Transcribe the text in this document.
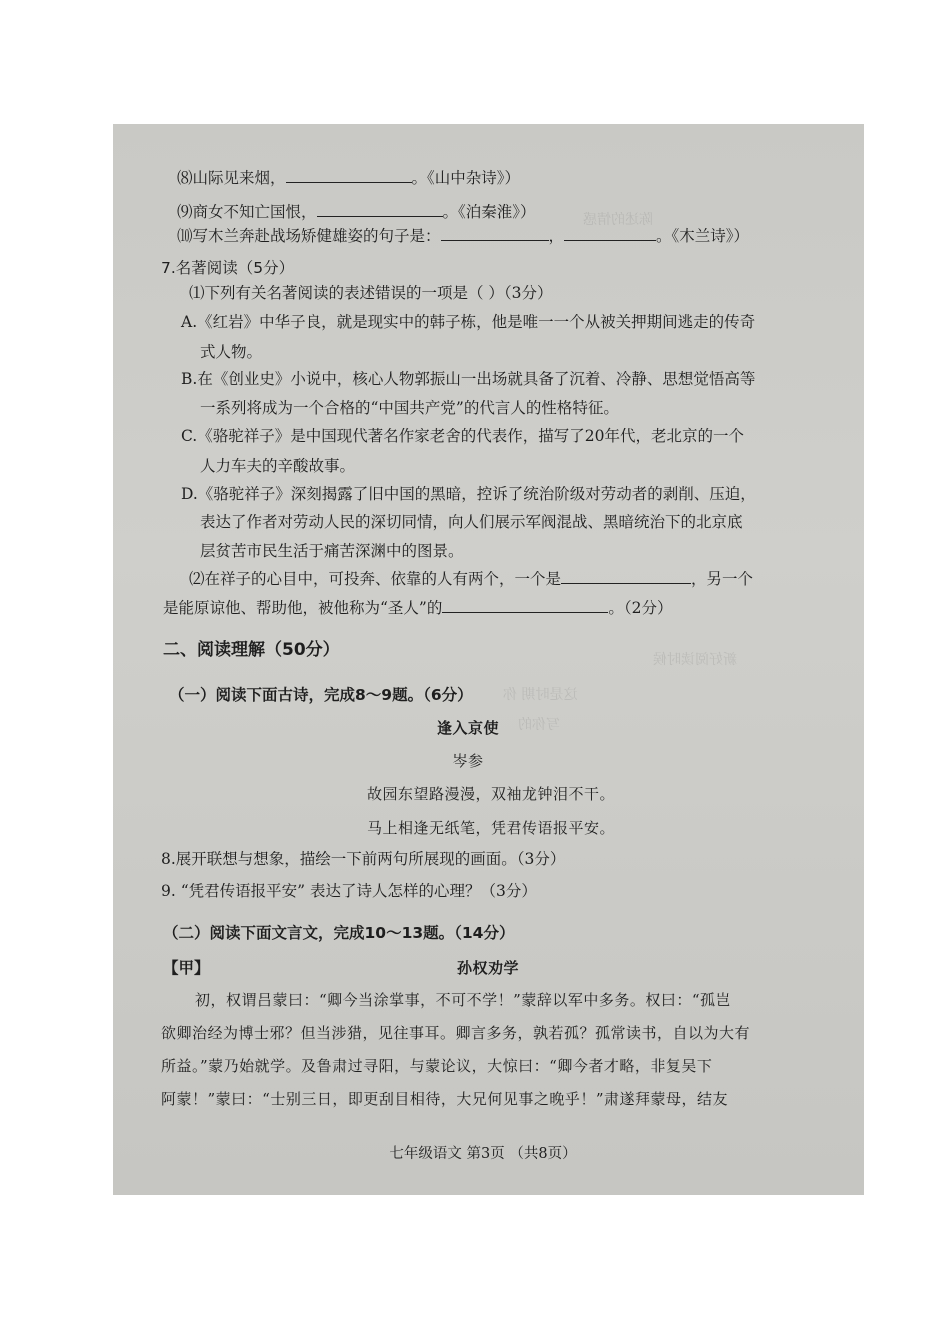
陈述的情感
新好阅读时候
这是时期 你
写你的
⑻山际见来烟，	。《山中杂诗》）
⑼商女不知亡国恨，	。《泊秦淮》）
⑽写木兰奔赴战场矫健雄姿的句子是：	，	。《木兰诗》）
7.名著阅读（5分）
⑴下列有关名著阅读的表述错误的一项是（ ）（3分）
A.《红岩》中华子良，就是现实中的韩子栋，他是唯一一个从被关押期间逃走的传奇
式人物。
B.在《创业史》小说中，核心人物郭振山一出场就具备了沉着、冷静、思想觉悟高等
一系列将成为一个合格的“中国共产党”的代言人的性格特征。
C.《骆驼祥子》是中国现代著名作家老舍的代表作，描写了20年代，老北京的一个
人力车夫的辛酸故事。
D.《骆驼祥子》深刻揭露了旧中国的黑暗，控诉了统治阶级对劳动者的剥削、压迫，
表达了作者对劳动人民的深切同情，向人们展示军阀混战、黑暗统治下的北京底
层贫苦市民生活于痛苦深渊中的图景。
⑵在祥子的心目中，可投奔、依靠的人有两个，一个是	，另一个
是能原谅他、帮助他，被他称为“圣人”的	。（2分）
二、阅读理解（50分）
（一）阅读下面古诗，完成8～9题。（6分）
逢入京使
岑参
故园东望路漫漫，双袖龙钟泪不干。
马上相逢无纸笔，凭君传语报平安。
8.展开联想与想象，描绘一下前两句所展现的画面。（3分）
9. “凭君传语报平安” 表达了诗人怎样的心理？（3分）
（二）阅读下面文言文，完成10～13题。（14分）
【甲】	孙权劝学
初，权谓吕蒙曰：“卿今当涂掌事，不可不学！”蒙辞以军中多务。权曰：“孤岂
欲卿治经为博士邪？但当涉猎，见往事耳。卿言多务，孰若孤？孤常读书，自以为大有
所益。”蒙乃始就学。及鲁肃过寻阳，与蒙论议，大惊曰：“卿今者才略，非复吴下
阿蒙！”蒙曰：“士别三日，即更刮目相待，大兄何见事之晚乎！”肃遂拜蒙母，结友
七年级语文 第3页 （共8页）
